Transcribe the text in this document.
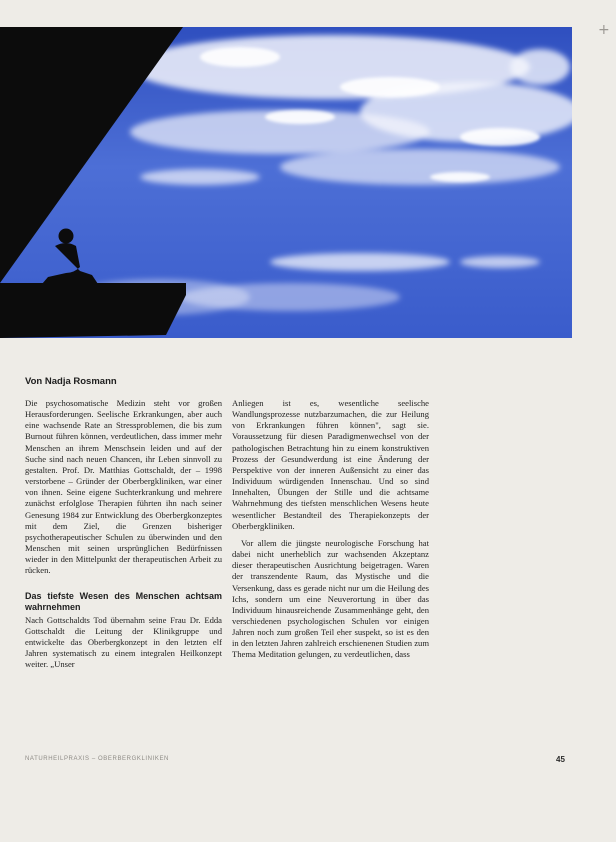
+
Von Nadja Rosmann

Die psychosomatische Medizin steht vor großen Herausforderungen. Seelische Erkrankungen, aber auch eine wachsende Rate an Stressproblemen, die bis zum Burnout führen können, verdeutlichen, dass immer mehr Menschen an ihrem Menschsein leiden und auf der Suche sind nach neuen Chancen, ihr Leben sinnvoll zu gestalten. Prof. Dr. Matthias Gottschaldt, der – 1998 verstorbene – Gründer der Oberbergkliniken, war einer von ihnen. Seine eigene Suchterkrankung und mehrere zunächst erfolglose Therapien führten ihn nach seiner Genesung 1984 zur Entwicklung des Oberbergkonzeptes mit dem Ziel, die Grenzen bisheriger psychotherapeutischer Schulen zu überwinden und den Menschen mit seinen ursprünglichen Bedürfnissen wieder in den Mittelpunkt der therapeutischen Arbeit zu rücken.

Das tiefste Wesen des Menschen achtsam wahrnehmen

Nach Gottschaldts Tod übernahm seine Frau Dr. Edda Gottschaldt die Leitung der Klinikgruppe und entwickelte das Oberbergkonzept in den letzten elf Jahren systematisch zu einem integralen Heilkonzept weiter. „Unser

Anliegen ist es, wesentliche seelische Wandlungsprozesse nutzbarzumachen, die zur Heilung von Erkrankungen führen können", sagt sie. Voraussetzung für diesen Paradigmenwechsel von der pathologischen Betrachtung hin zu einem konstruktiven Prozess der Gesundwerdung ist eine Änderung der Perspektive von der inneren Außensicht zu einer das Individuum würdigenden Innenschau. Und so sind Innehalten, Übungen der Stille und die achtsame Wahrnehmung des tiefsten menschlichen Wesens heute wesentlicher Bestandteil des Therapiekonzepts der Oberbergkliniken.

Vor allem die jüngste neurologische Forschung hat dabei nicht unerheblich zur wachsenden Akzeptanz dieser therapeutischen Ausrichtung beigetragen. Waren der transzendente Raum, das Mystische und die Versenkung, dass es gerade nicht nur um die Heilung des Ichs, sondern um eine Neuverortung in über das Individuum hinausreichende Zusammenhänge geht, den verschiedenen psychologischen Schulen vor einigen Jahren noch zum großen Teil eher suspekt, so ist es den in den letzten Jahren zahlreich erschienenen Studien zum Thema Meditation gelungen, zu verdeutlichen, dass

NATURHEILPRAXIS – OBERBERGKLINIKEN	45
